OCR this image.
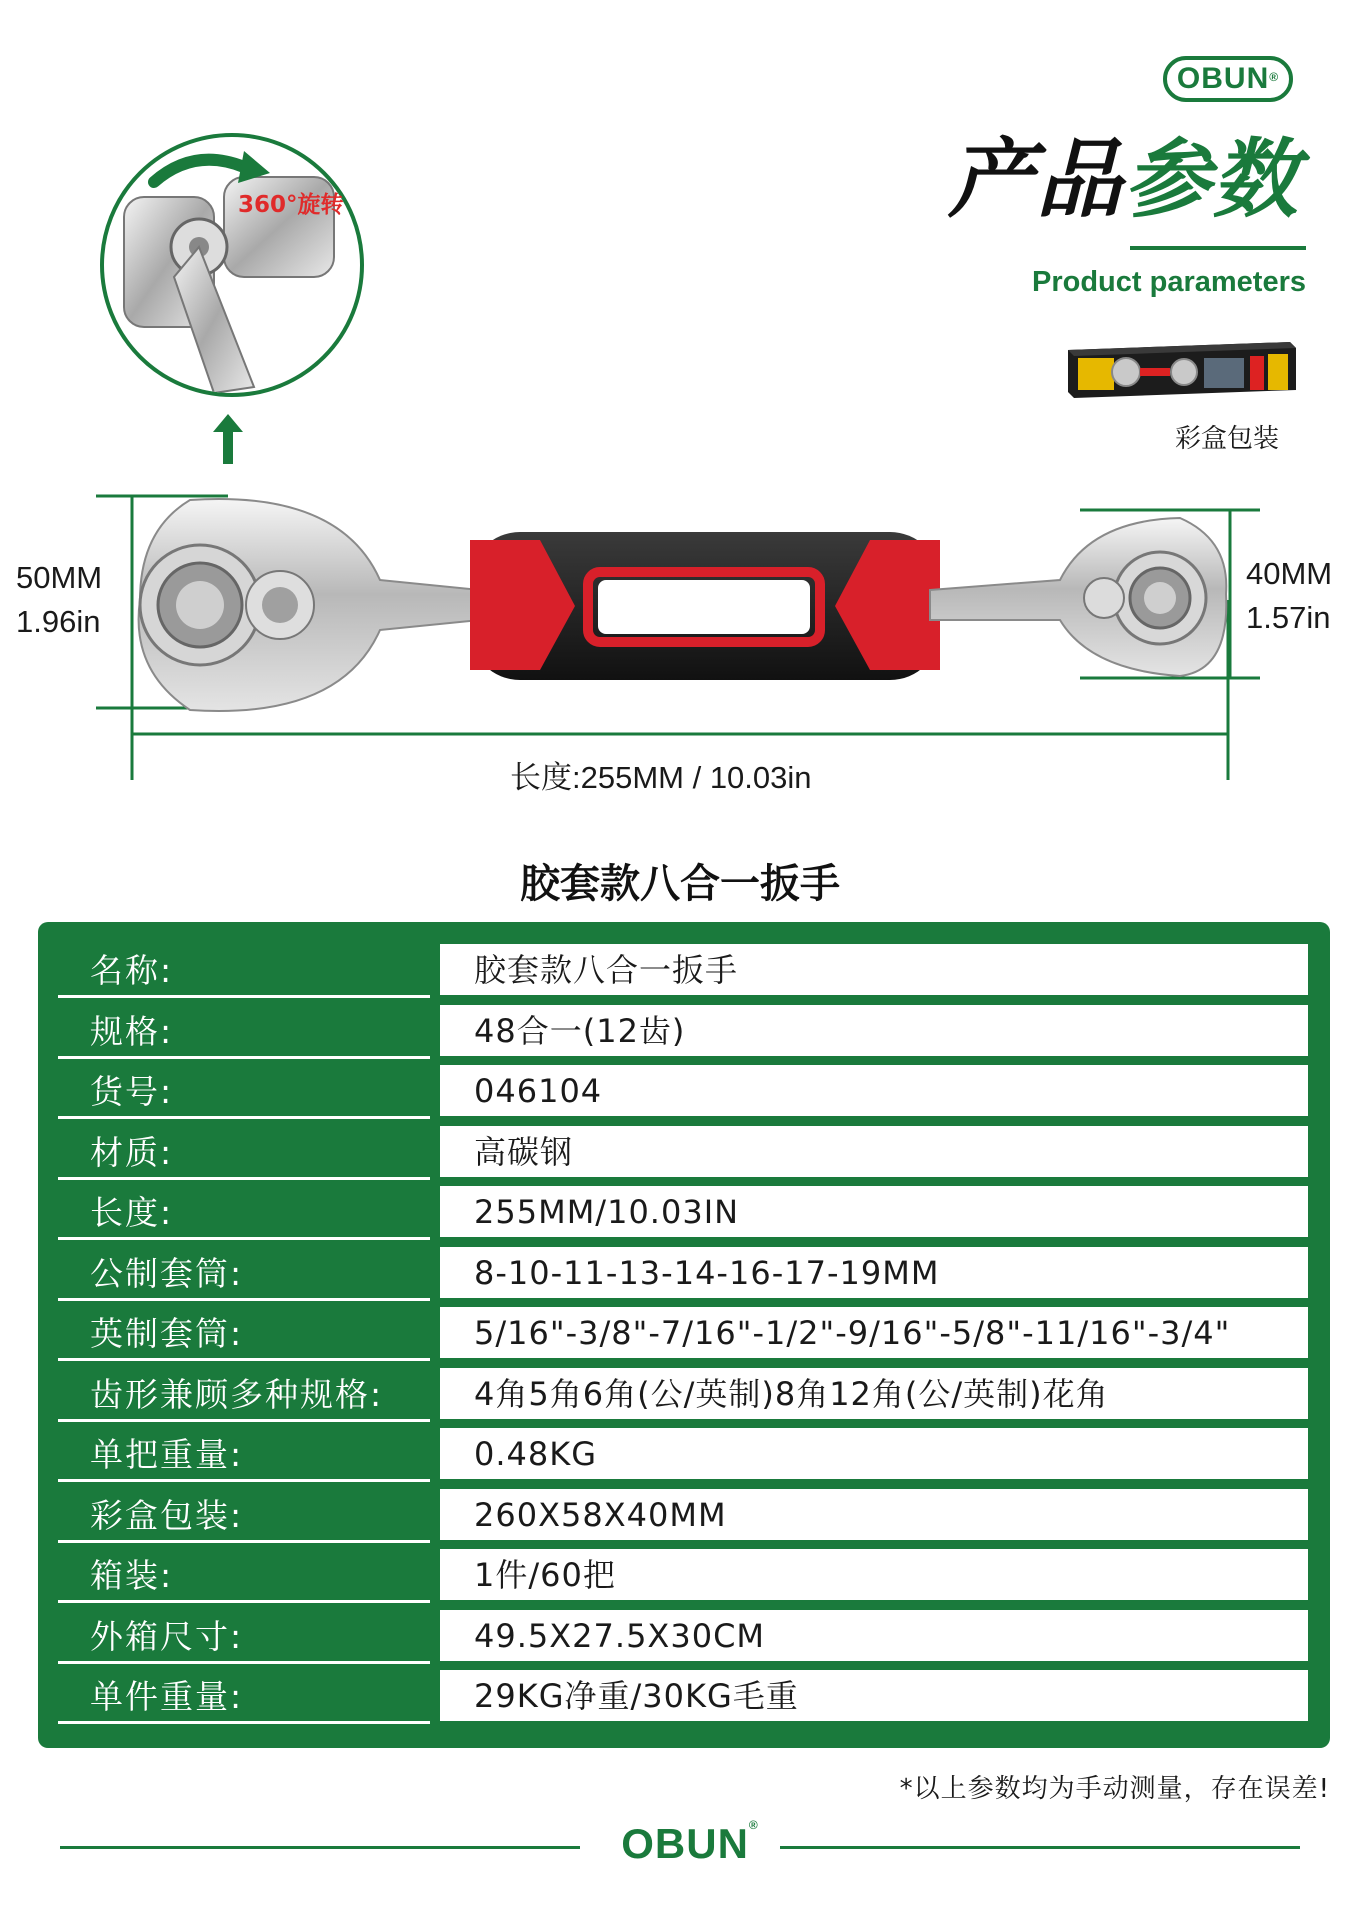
OBUN®
产品参数
Product parameters
彩盒包装
360°旋转
50MM
1.96in
40MM
1.57in
长度:255MM / 10.03in
胶套款八合一扳手
名称:	胶套款八合一扳手
规格:	48合一(12齿)
货号:	046104
材质:	高碳钢
长度:	255MM/10.03IN
公制套筒:	8-10-11-13-14-16-17-19MM
英制套筒:	5/16"-3/8"-7/16"-1/2"-9/16"-5/8"-11/16"-3/4"
齿形兼顾多种规格:	4角5角6角(公/英制)8角12角(公/英制)花角
单把重量:	0.48KG
彩盒包装:	260X58X40MM
箱装:	1件/60把
外箱尺寸:	49.5X27.5X30CM
单件重量:	29KG净重/30KG毛重
*以上参数均为手动测量，存在误差!
OBUN®
